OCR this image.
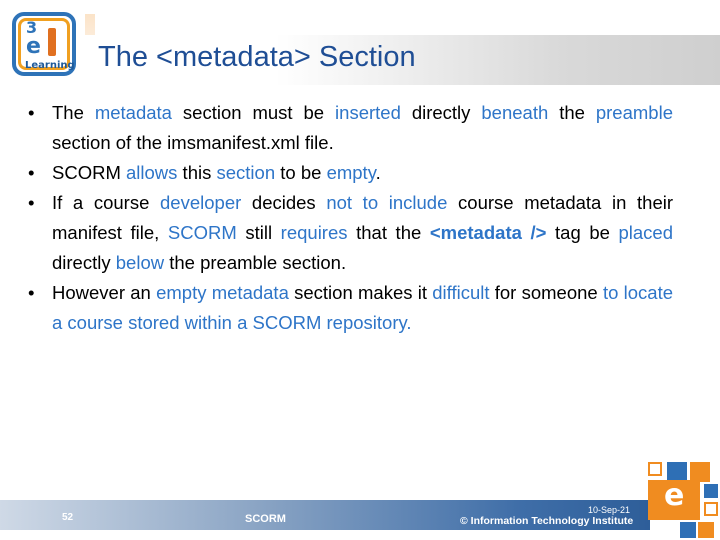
3
e
Learning The <metadata> Section
• The metadata section must be inserted directly beneath the preamble section of the imsmanifest.xml file.
• SCORM allows this section to be empty.
• If a course developer decides not to include course metadata in their manifest file, SCORM still requires that the <metadata /> tag be placed directly below the preamble section.
• However an empty metadata section makes it difficult for someone to locate a course stored within a SCORM repository.
52	SCORM
10-Sep-21
© Information Technology Institute
e
